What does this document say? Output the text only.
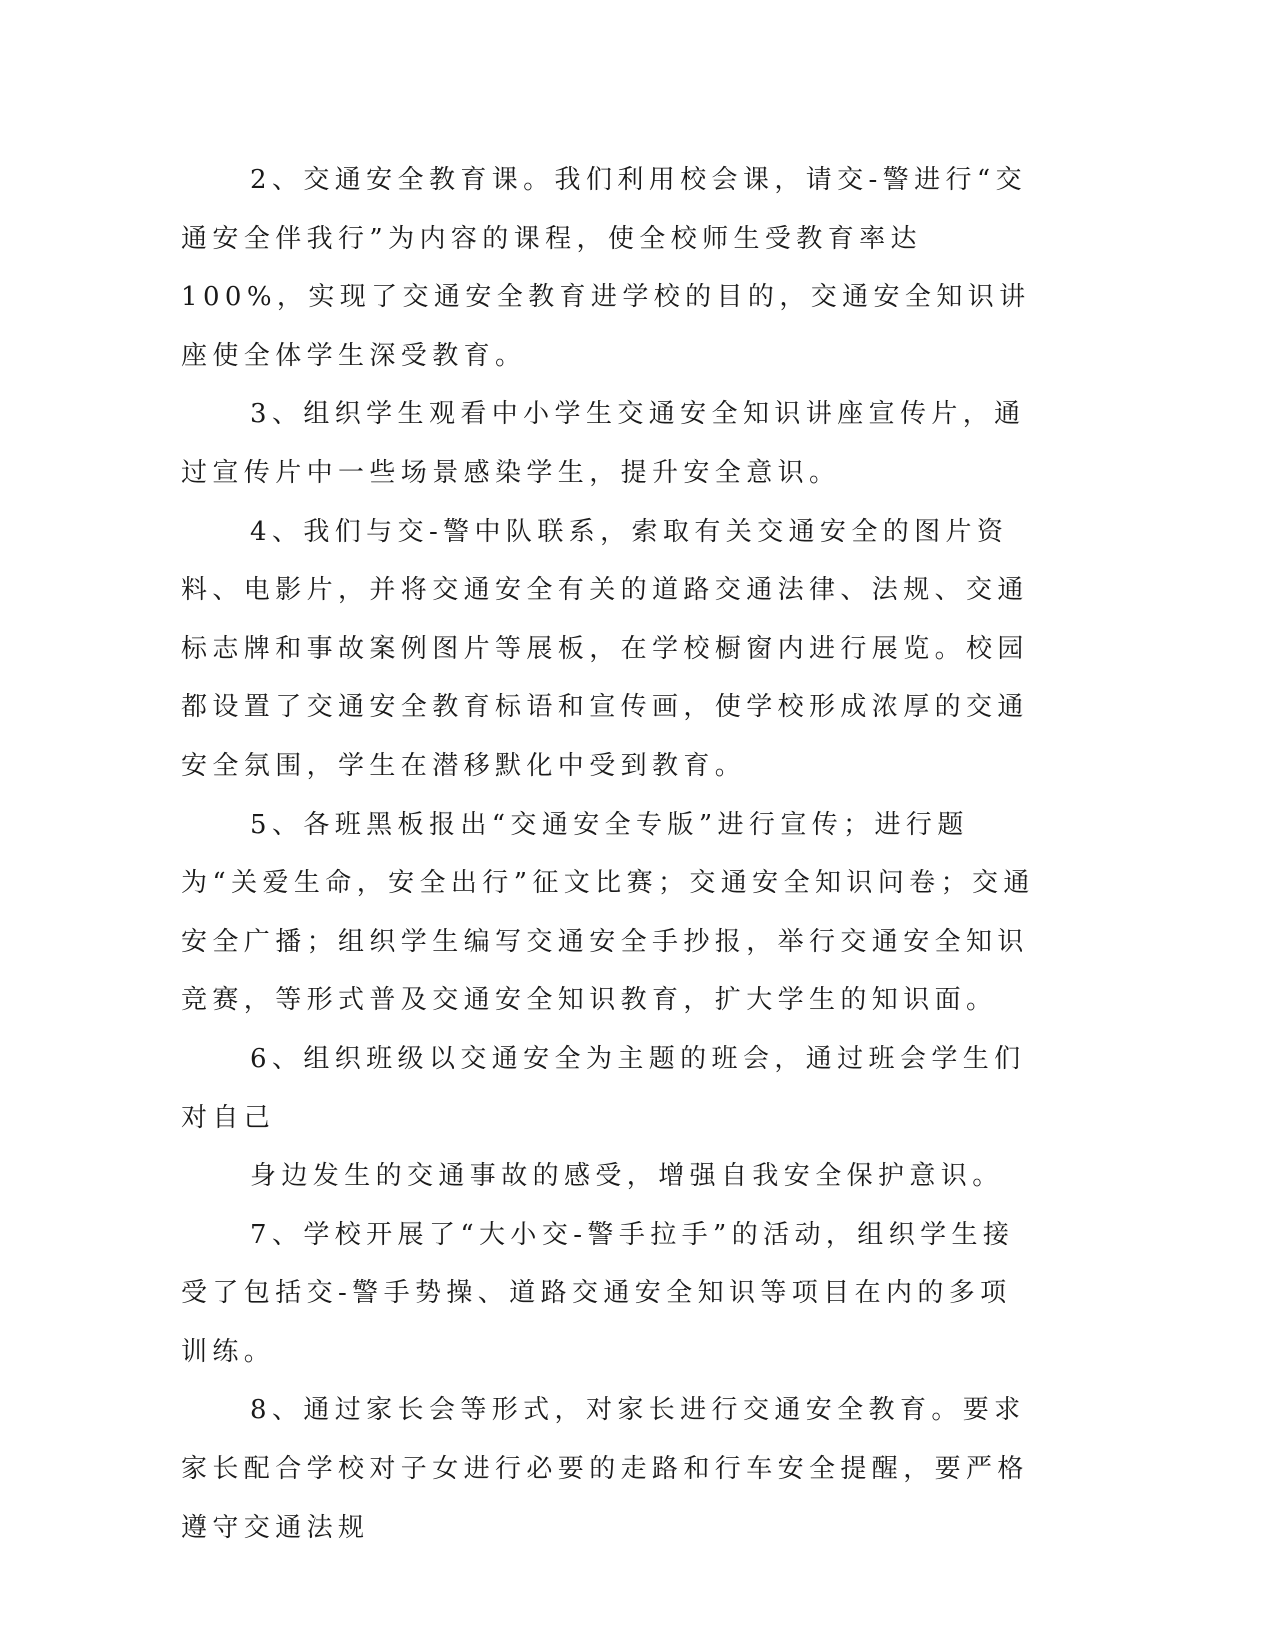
2、交通安全教育课。我们利用校会课，请交-警进行“交通安全伴我行”为内容的课程，使全校师生受教育率达100%，实现了交通安全教育进学校的目的，交通安全知识讲座使全体学生深受教育。

3、组织学生观看中小学生交通安全知识讲座宣传片，通过宣传片中一些场景感染学生，提升安全意识。

4、我们与交-警中队联系，索取有关交通安全的图片资料、电影片，并将交通安全有关的道路交通法律、法规、交通标志牌和事故案例图片等展板，在学校橱窗内进行展览。校园都设置了交通安全教育标语和宣传画，使学校形成浓厚的交通安全氛围，学生在潜移默化中受到教育。

5、各班黑板报出“交通安全专版”进行宣传；进行题为“关爱生命，安全出行”征文比赛；交通安全知识问卷；交通安全广播；组织学生编写交通安全手抄报，举行交通安全知识竞赛，等形式普及交通安全知识教育，扩大学生的知识面。

6、组织班级以交通安全为主题的班会，通过班会学生们对自己

身边发生的交通事故的感受，增强自我安全保护意识。

7、学校开展了“大小交-警手拉手”的活动，组织学生接受了包括交-警手势操、道路交通安全知识等项目在内的多项训练。

8、通过家长会等形式，对家长进行交通安全教育。要求家长配合学校对子女进行必要的走路和行车安全提醒，要严格遵守交通法规
